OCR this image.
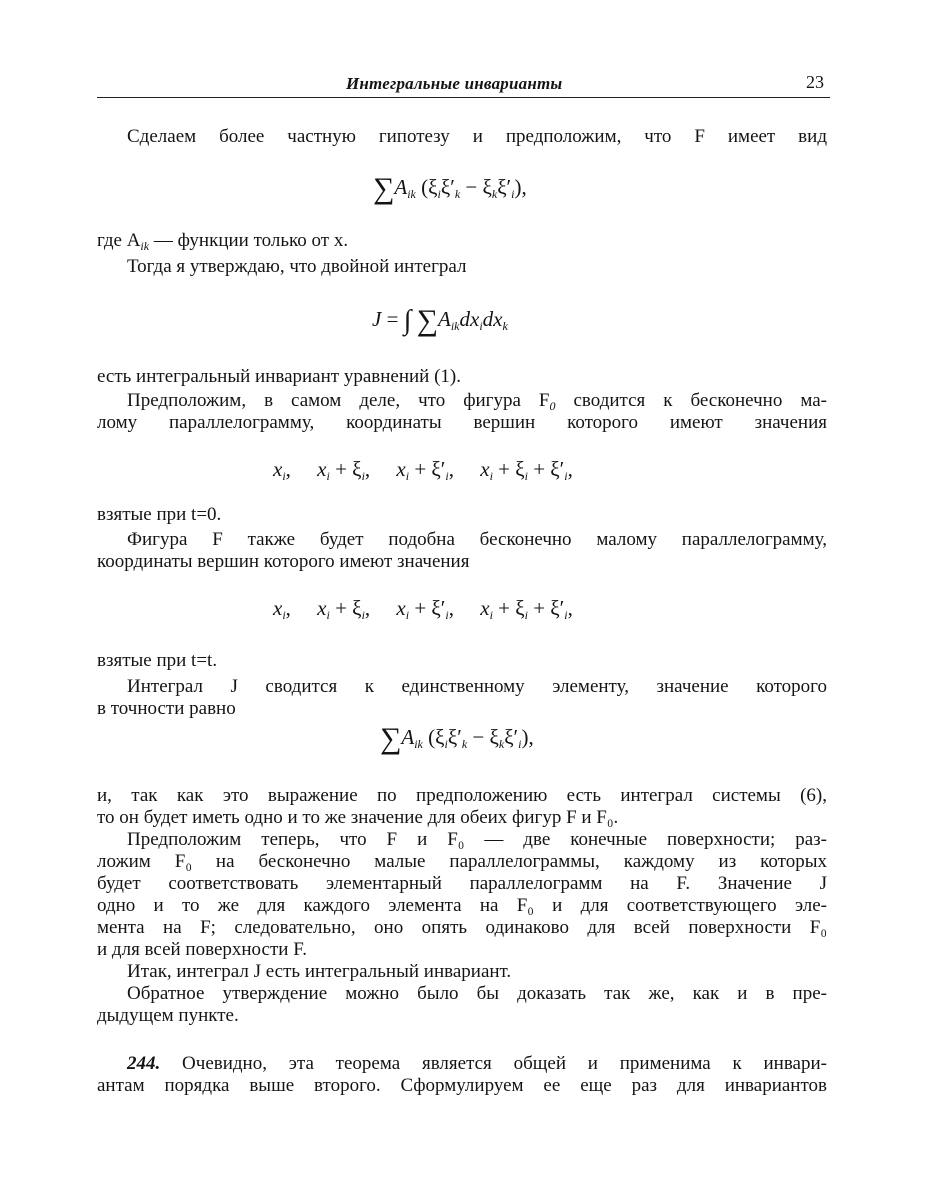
Интегральные инварианты	23
Сделаем более частную гипотезу и предположим, что F имеет вид
$\sum A_{ik}$ $(\xi_i\xi'_k - \xi_k\xi'_i)$,
где $A_{ik}$ — функции только от x.
Тогда я утверждаю, что двойной интеграл
J = ∫ $\sum A_{ik}dx_idx_k$
есть интегральный инвариант уравнений (1).
Предположим, в самом деле, что фигура $F_0$ сводится к бесконечно ма-
лому параллелограмму, координаты вершин которого имеют значения
$x_i$,     $x_i + \xi_i$,     $x_i + \xi'_i$,     $x_i + \xi_i + \xi'_i$,
взятые при t=0.
Фигура F также будет подобна бесконечно малому параллелограмму,
координаты вершин которого имеют значения
$x_i$,     $x_i + \xi_i$,     $x_i + \xi'_i$,     $x_i + \xi_i + \xi'_i$,
взятые при t=t.
Интеграл J сводится к единственному элементу, значение которого
в точности равно
$\sum A_{ik}$ $(\xi_i\xi'_k - \xi_k\xi'_i)$,
и, так как это выражение по предположению есть интеграл системы (6),
то он будет иметь одно и то же значение для обеих фигур F и F₀.
Предположим теперь, что F и F₀ — две конечные поверхности; раз-
ложим F₀ на бесконечно малые параллелограммы, каждому из которых
будет соответствовать элементарный параллелограмм на F. Значение J
одно и то же для каждого элемента на F₀ и для соответствующего эле-
мента на F; следовательно, оно опять одинаково для всей поверхности F₀
и для всей поверхности F.
Итак, интеграл J есть интегральный инвариант.
Обратное утверждение можно было бы доказать так же, как и в пре-
дыдущем пункте.
244. Очевидно, эта теорема является общей и применима к инвари-
антам порядка выше второго. Сформулируем ее еще раз для инвариантов
